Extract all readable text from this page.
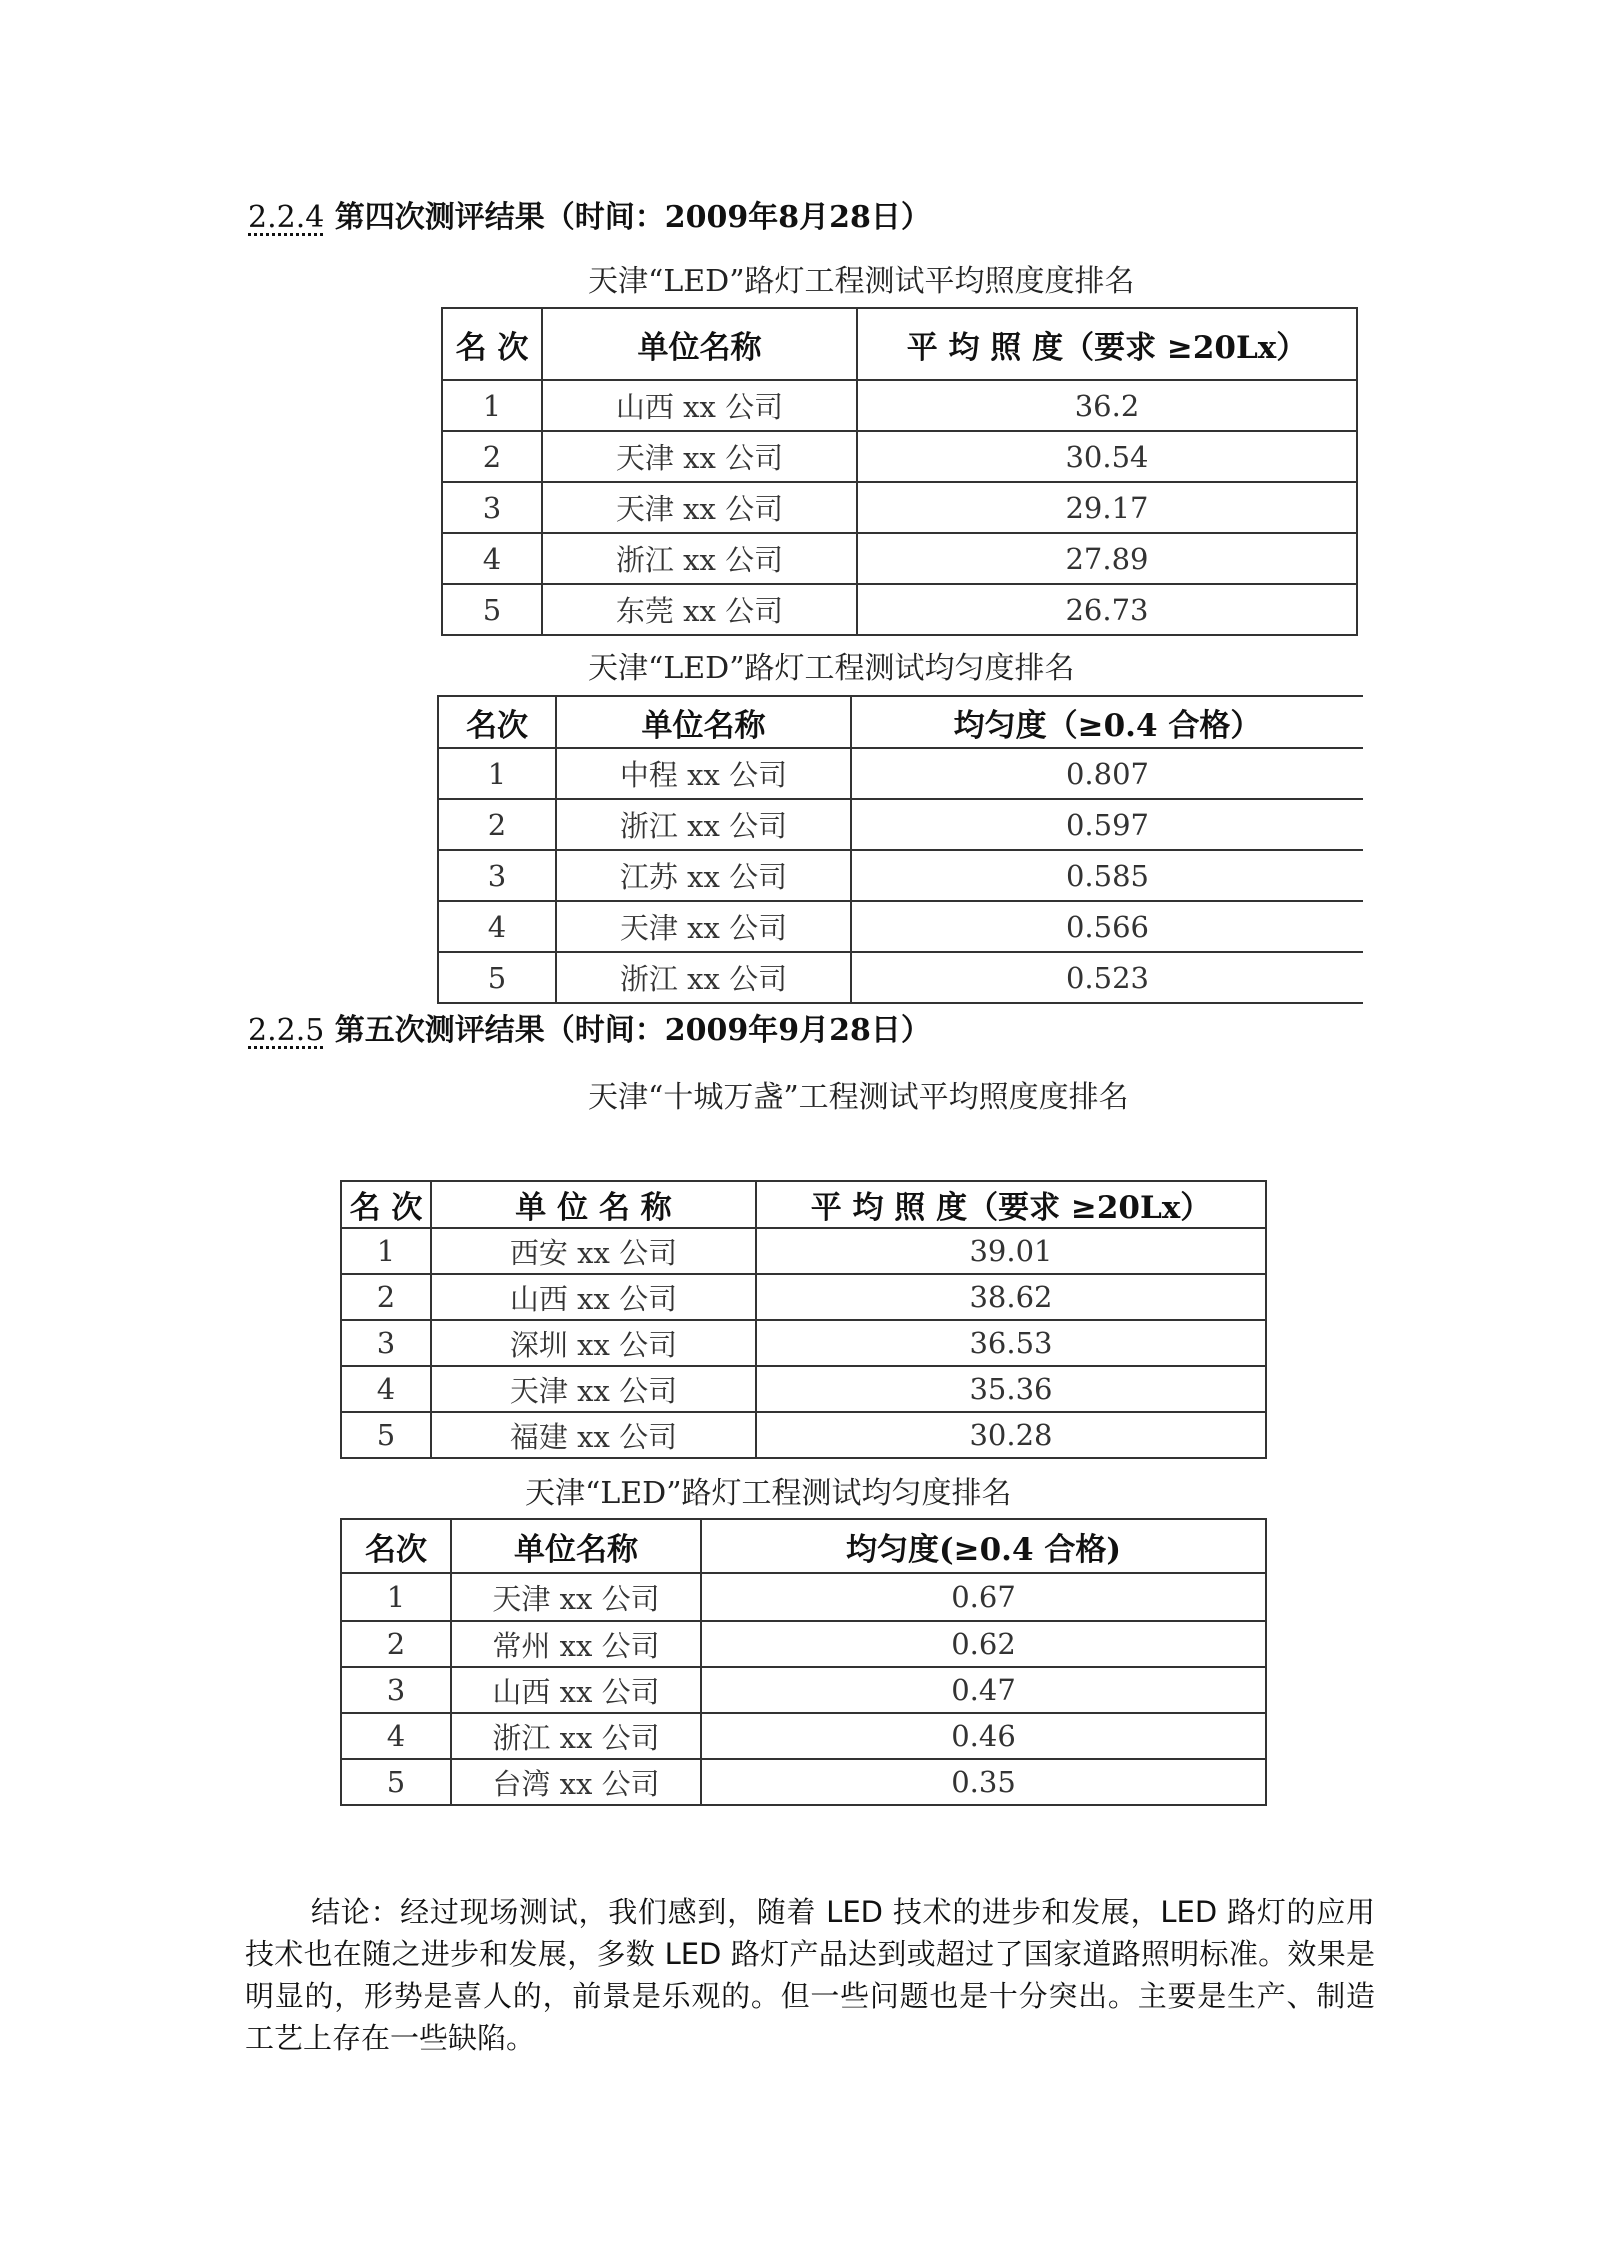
2.2.4 第四次测评结果（时间：2009年8月28日）
天津“LED”路灯工程测试平均照度度排名
名 次	单位名称	平 均 照 度（要求 ≥20Lx）
1	山西 xx 公司	36.2
2	天津 xx 公司	30.54
3	天津 xx 公司	29.17
4	浙江 xx 公司	27.89
5	东莞 xx 公司	26.73
天津“LED”路灯工程测试均匀度排名
名次	单位名称	均匀度（≥0.4 合格）
1	中程 xx 公司	0.807
2	浙江 xx 公司	0.597
3	江苏 xx 公司	0.585
4	天津 xx 公司	0.566
5	浙江 xx 公司	0.523
2.2.5 第五次测评结果（时间：2009年9月28日）
天津“十城万盏”工程测试平均照度度排名
名 次	单 位 名 称	平 均 照 度（要求 ≥20Lx）
1	西安 xx 公司	39.01
2	山西 xx 公司	38.62
3	深圳 xx 公司	36.53
4	天津 xx 公司	35.36
5	福建 xx 公司	30.28
天津“LED”路灯工程测试均匀度排名
名次	单位名称	均匀度(≥0.4 合格)
1	天津 xx 公司	0.67
2	常州 xx 公司	0.62
3	山西 xx 公司	0.47
4	浙江 xx 公司	0.46
5	台湾 xx 公司	0.35

结论：经过现场测试，我们感到，随着 LED 技术的进步和发展，LED 路灯的应用技术也在随之进步和发展，多数 LED 路灯产品达到或超过了国家道路照明标准。效果是明显的，形势是喜人的，前景是乐观的。但一些问题也是十分突出。主要是生产、制造工艺上存在一些缺陷。
